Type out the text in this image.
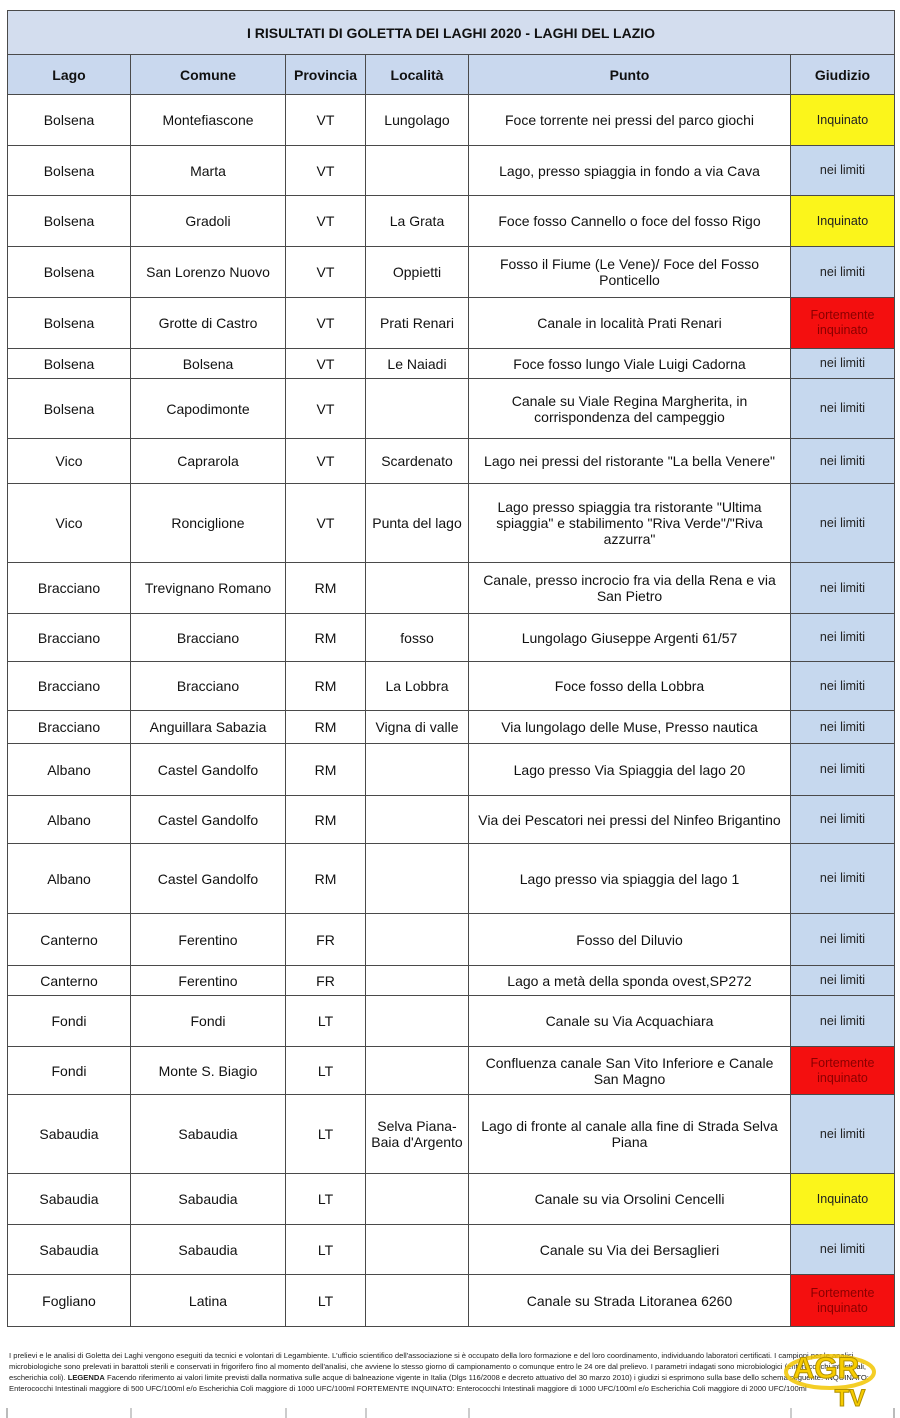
I RISULTATI DI GOLETTA DEI LAGHI 2020 - LAGHI DEL LAZIO					
Lago	Comune	Provincia	Località	Punto	Giudizio
Bolsena	Montefiascone	VT	Lungolago	Foce torrente nei pressi del parco giochi	Inquinato
Bolsena	Marta	VT		Lago, presso spiaggia in fondo a via Cava	nei limiti
Bolsena	Gradoli	VT	La Grata	Foce fosso Cannello o foce del fosso Rigo	Inquinato
Bolsena	San Lorenzo Nuovo	VT	Oppietti	Fosso il Fiume (Le Vene)/ Foce del Fosso Ponticello	nei limiti
Bolsena	Grotte di Castro	VT	Prati Renari	Canale in località Prati Renari	Fortemente inquinato
Bolsena	Bolsena	VT	Le Naiadi	Foce fosso lungo Viale Luigi Cadorna	nei limiti
Bolsena	Capodimonte	VT		Canale su Viale Regina Margherita, in corrispondenza del campeggio	nei limiti
Vico	Caprarola	VT	Scardenato	Lago nei pressi del ristorante "La bella Venere"	nei limiti
Vico	Ronciglione	VT	Punta del lago	Lago presso spiaggia tra ristorante "Ultima spiaggia" e stabilimento "Riva Verde"/"Riva azzurra"	nei limiti
Bracciano	Trevignano Romano	RM		Canale, presso incrocio fra via della Rena e via San Pietro	nei limiti
Bracciano	Bracciano	RM	fosso	Lungolago Giuseppe Argenti 61/57	nei limiti
Bracciano	Bracciano	RM	La Lobbra	Foce fosso della Lobbra	nei limiti
Bracciano	Anguillara Sabazia	RM	Vigna di valle	Via lungolago delle Muse, Presso nautica	nei limiti
Albano	Castel Gandolfo	RM		Lago presso Via Spiaggia del lago 20	nei limiti
Albano	Castel Gandolfo	RM		Via dei Pescatori nei pressi del Ninfeo Brigantino	nei limiti
Albano	Castel Gandolfo	RM		Lago presso via spiaggia del lago 1	nei limiti
Canterno	Ferentino	FR		Fosso del Diluvio	nei limiti
Canterno	Ferentino	FR		Lago a metà della sponda ovest,SP272	nei limiti
Fondi	Fondi	LT		Canale su Via Acquachiara	nei limiti
Fondi	Monte S. Biagio	LT		Confluenza canale San Vito Inferiore e Canale San Magno	Fortemente inquinato
Sabaudia	Sabaudia	LT	Selva Piana-Baia d'Argento	Lago di fronte al canale alla fine di Strada Selva Piana	nei limiti
Sabaudia	Sabaudia	LT		Canale su via Orsolini Cencelli	Inquinato
Sabaudia	Sabaudia	LT		Canale su Via dei Bersaglieri	nei limiti
Fogliano	Latina	LT		Canale su Strada Litoranea 6260	Fortemente inquinato
I prelievi e le analisi di Goletta dei Laghi vengono eseguiti da tecnici e volontari di Legambiente. L'ufficio scientifico dell'associazione si è occupato della loro formazione e del loro coordinamento, individuando laboratori certificati. I campioni per le analisi microbiologiche sono prelevati in barattoli sterili e conservati in frigorifero fino al momento dell'analisi, che avviene lo stesso giorno di campionamento o comunque entro le 24 ore dal prelievo. I parametri indagati sono microbiologici (enterococchi intestinali, escherichia coli). LEGENDA Facendo riferimento ai valori limite previsti dalla normativa sulle acque di balneazione vigente in Italia (Dlgs 116/2008 e decreto attuativo del 30 marzo 2010) i giudizi si esprimono sulla base dello schema seguente: INQUINATO: Enterococchi Intestinali maggiore di 500 UFC/100ml e/o Escherichia Coli maggiore di 1000 UFC/100ml FORTEMENTE INQUINATO: Enterococchi Intestinali maggiore di 1000 UFC/100ml e/o Escherichia Coli maggiore di 2000 UFC/100ml
AGR
TV
